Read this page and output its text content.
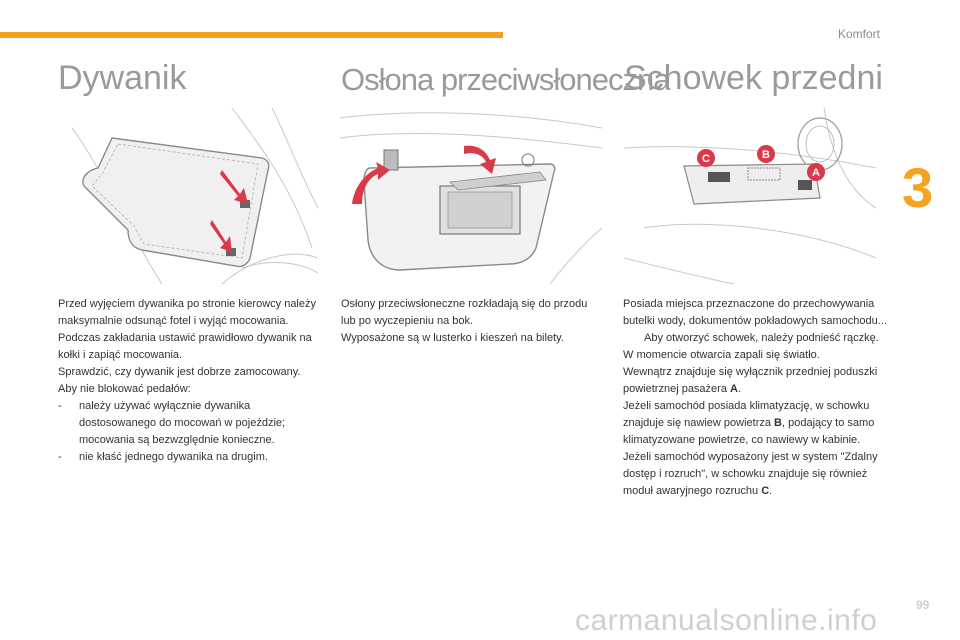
Komfort
3
Dywanik	Osłona przeciwsłoneczna
Schowek przedni
C	B
A

Przed wyjęciem dywanika po stronie kierowcy należy maksymalnie odsunąć fotel i wyjąć mocowania.

Podczas zakładania ustawić prawidłowo dywanik na kołki i zapiąć mocowania.

Sprawdzić, czy dywanik jest dobrze zamocowany.

Aby nie blokować pedałów:

-	należy używać wyłącznie dywanika dostosowanego do mocowań w pojeździe; mocowania są bezwzględnie konieczne.
-	nie kłaść jednego dywanika na drugim.

Osłony przeciwsłoneczne rozkładają się do przodu lub po wyczepieniu na bok.

Wyposażone są w lusterko i kieszeń na bilety.

Posiada miejsca przeznaczone do przechowywania butelki wody, dokumentów pokładowych samochodu...

Aby otworzyć schowek, należy podnieść rączkę.

W momencie otwarcia zapali się światło.

Wewnątrz znajduje się wyłącznik przedniej poduszki powietrznej pasażera A.

Jeżeli samochód posiada klimatyzację, w schowku znajduje się nawiew powietrza B, podający to samo klimatyzowane powietrze, co nawiewy w kabinie.

Jeżeli samochód wyposażony jest w system "Zdalny dostęp i rozruch", w schowku znajduje się również moduł awaryjnego rozruchu C.

carmanualsonline.info	99
